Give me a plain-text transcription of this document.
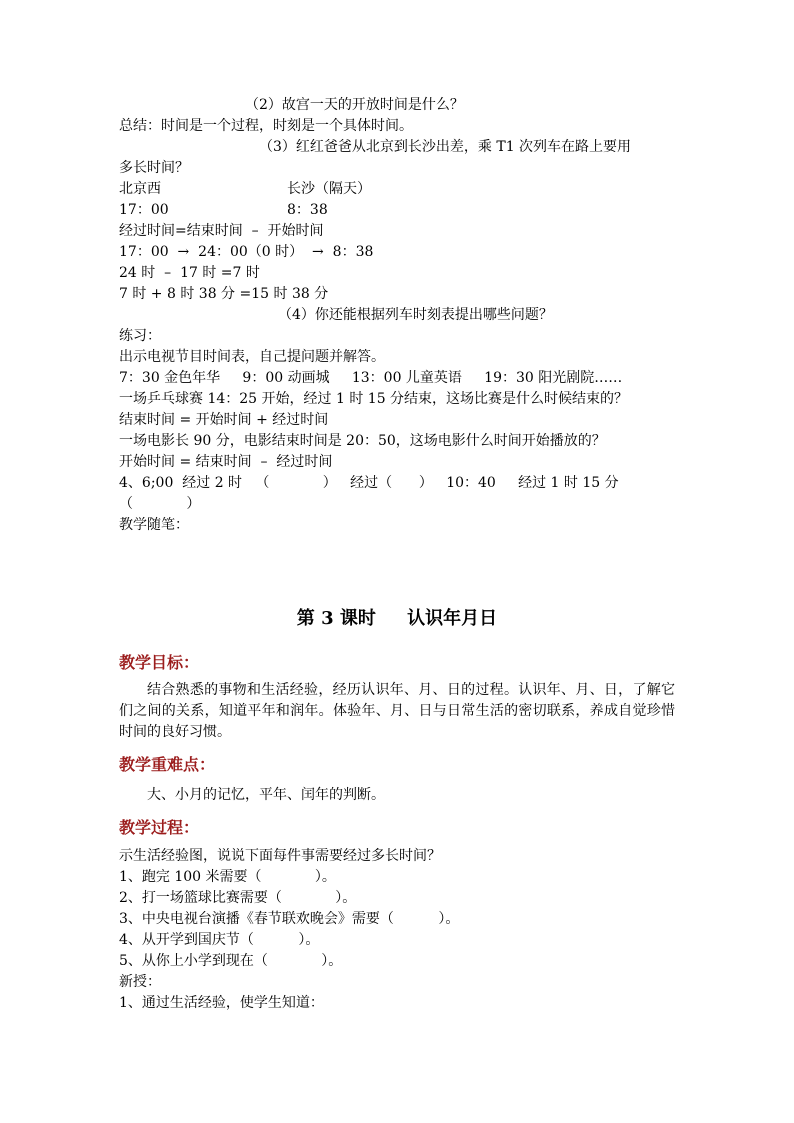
（2）故宫一天的开放时间是什么？
总结：时间是一个过程，时刻是一个具体时间。
（3）红红爸爸从北京到长沙出差，乘 T1 次列车在路上要用
多长时间？
北京西	长沙（隔天）
17：00	8：38
经过时间=结束时间  –  开始时间
17：00  →  24：00（0 时）  →  8：38
24 时  –  17 时 =7 时
7 时 + 8 时 38 分 =15 时 38 分
（4）你还能根据列车时刻表提出哪些问题？
练习：
出示电视节目时间表，自己提问题并解答。
7：30 金色年华     9：00 动画城     13：00 儿童英语     19：30 阳光剧院……
一场乒乓球赛 14：25 开始，经过 1 时 15 分结束，这场比赛是什么时候结束的？
结束时间 = 开始时间 + 经过时间
一场电影长 90 分，电影结束时间是 20：50，这场电影什么时间开始播放的？
开始时间 = 结束时间  –  经过时间
4、6;00  经过 2 时   （            ）   经过（      ）   10：40     经过 1 时 15 分
（            ）
教学随笔：
第 3 课时     认识年月日
教学目标：
结合熟悉的事物和生活经验，经历认识年、月、日的过程。认识年、月、日，了解它们之间的关系，知道平年和润年。体验年、月、日与日常生活的密切联系，养成自觉珍惜时间的良好习惯。
教学重难点：
大、小月的记忆，平年、闰年的判断。
教学过程：
示生活经验图，说说下面每件事需要经过多长时间？
1、跑完 100 米需要（            ）。
2、打一场篮球比赛需要（            ）。
3、中央电视台演播《春节联欢晚会》需要（          ）。
4、从开学到国庆节（          ）。
5、从你上小学到现在（            ）。
新授：
1、通过生活经验，使学生知道：
